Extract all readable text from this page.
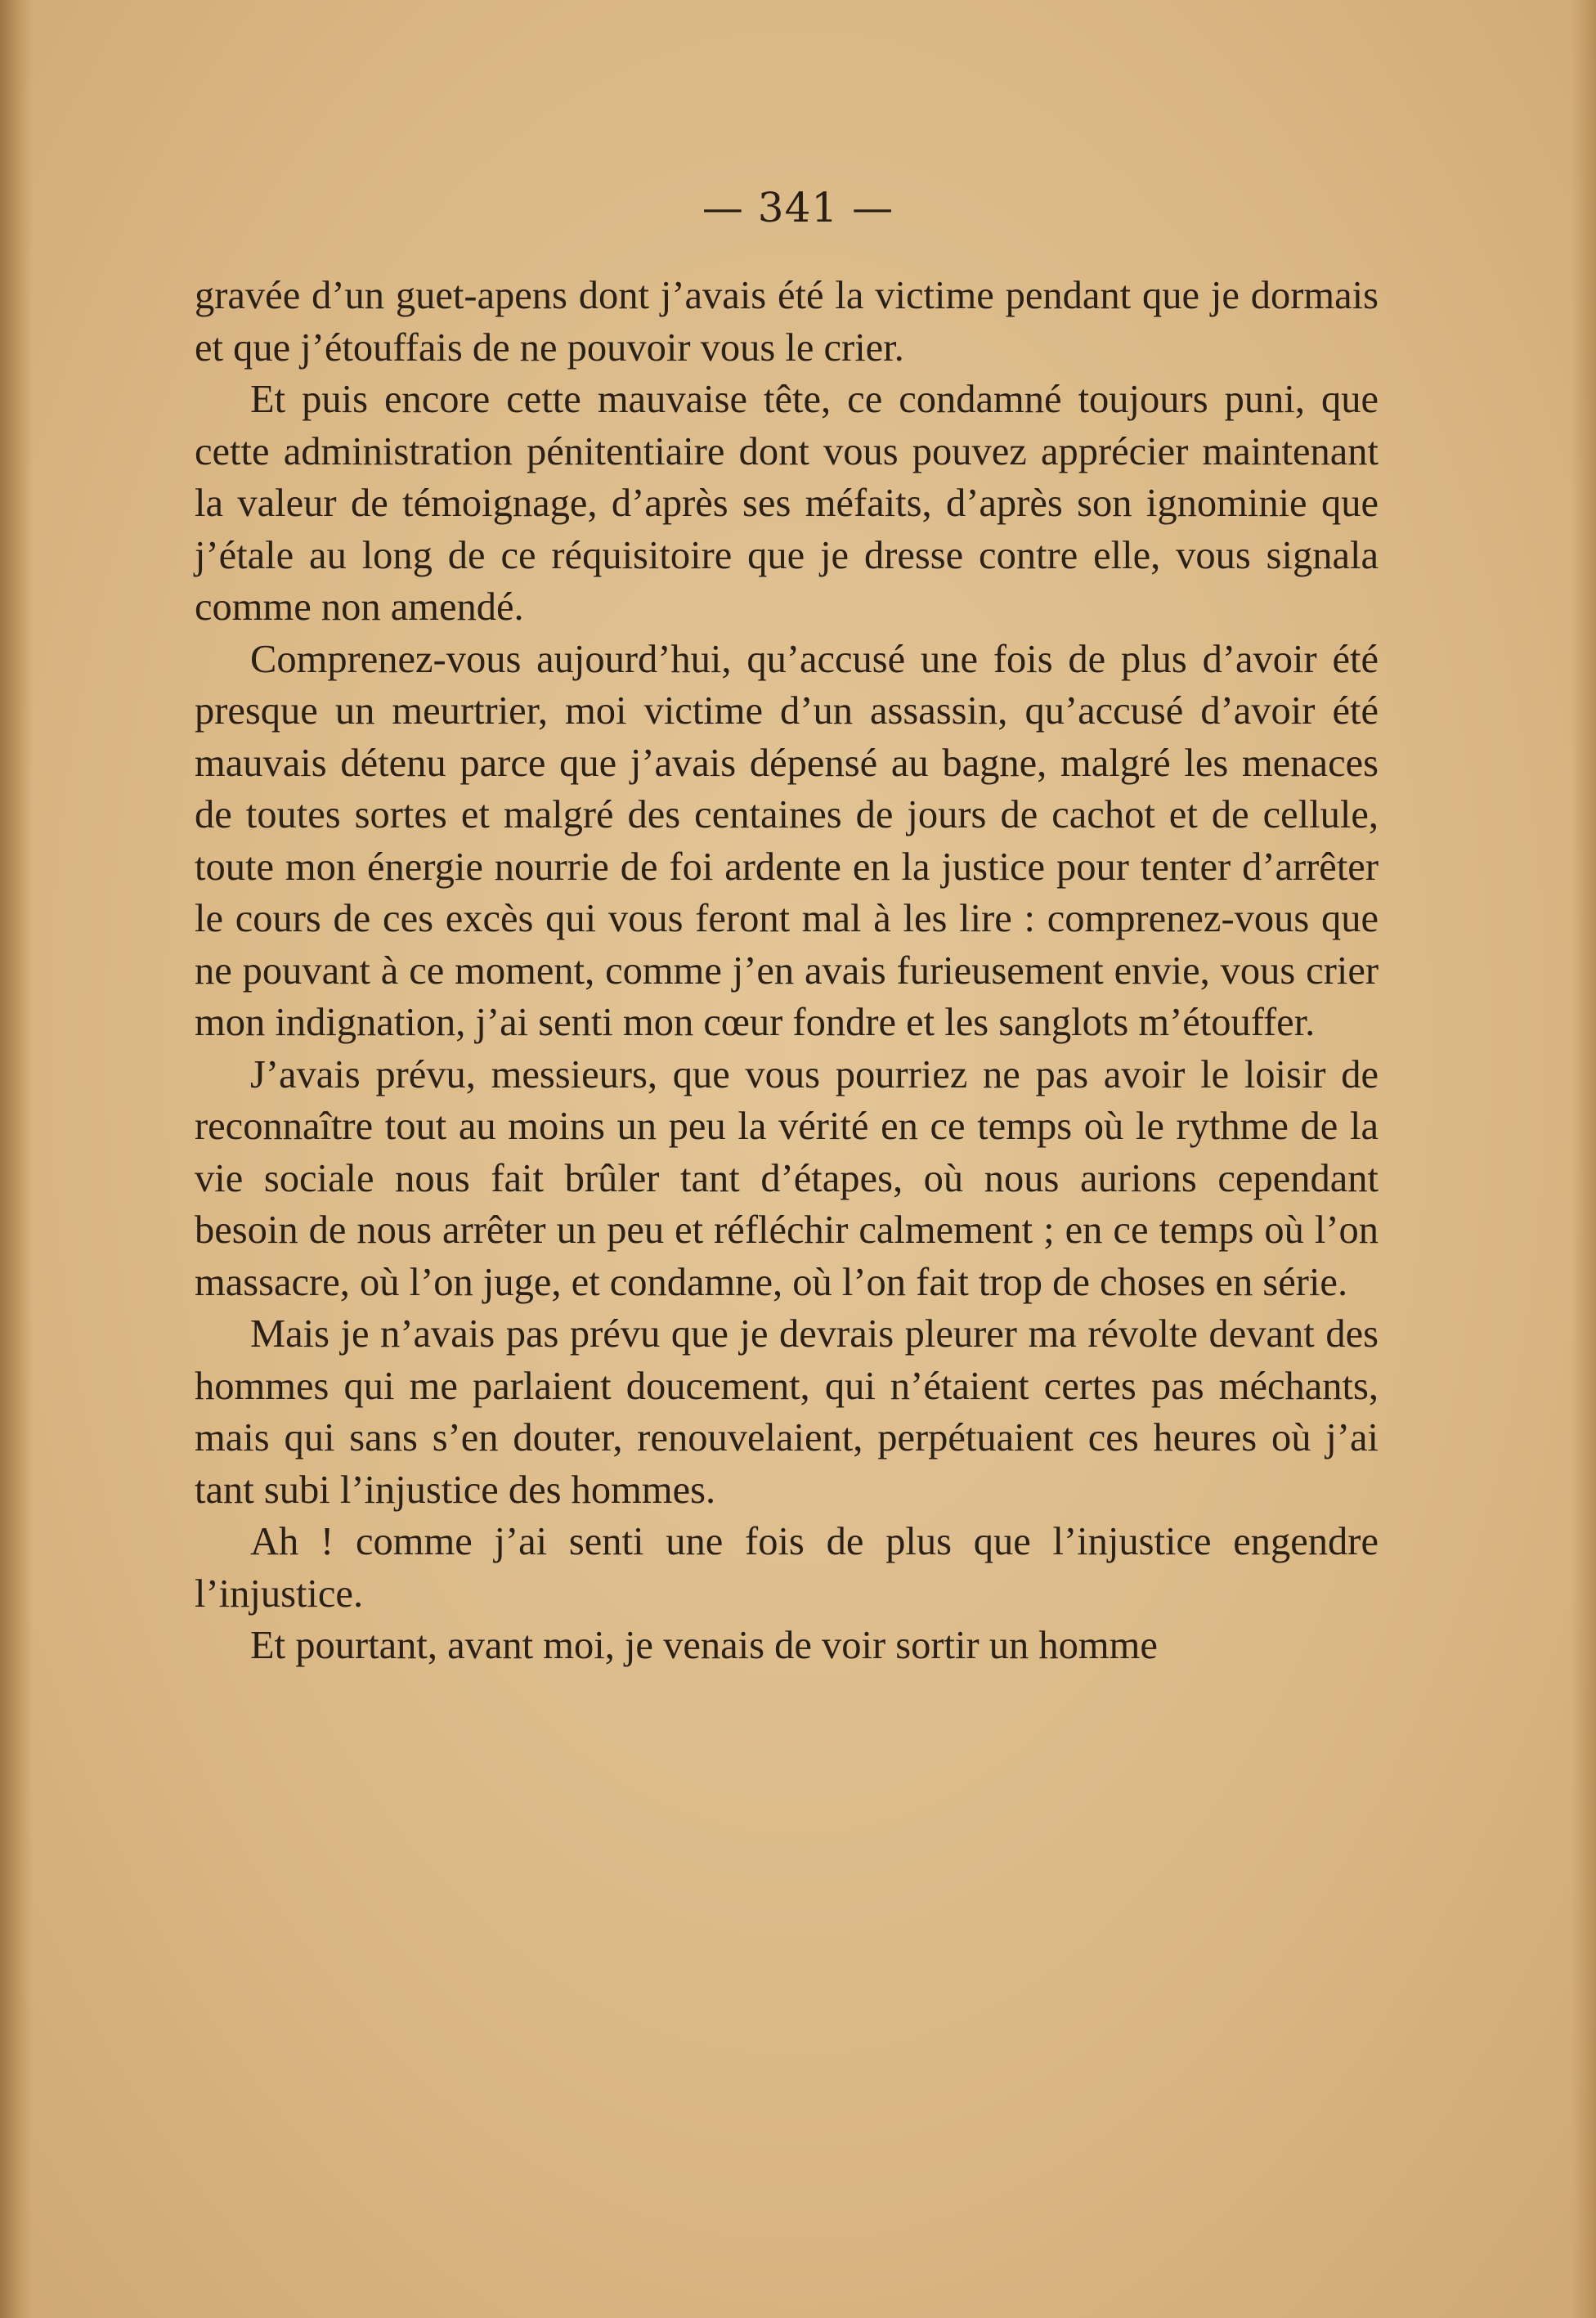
— 341 —

gravée d’un guet-apens dont j’avais été la victime pendant que je dormais et que j’étouffais de ne pouvoir vous le crier.

Et puis encore cette mauvaise tête, ce condamné toujours puni, que cette administration pénitentiaire dont vous pouvez apprécier maintenant la valeur de témoignage, d’après ses méfaits, d’après son ignominie que j’étale au long de ce réquisitoire que je dresse contre elle, vous signala comme non amendé.

Comprenez-vous aujourd’hui, qu’accusé une fois de plus d’avoir été presque un meurtrier, moi victime d’un assassin, qu’accusé d’avoir été mauvais détenu parce que j’avais dépensé au bagne, malgré les menaces de toutes sortes et malgré des centaines de jours de cachot et de cellule, toute mon énergie nourrie de foi ardente en la justice pour tenter d’arrêter le cours de ces excès qui vous feront mal à les lire : comprenez-vous que ne pouvant à ce moment, comme j’en avais furieusement envie, vous crier mon indignation, j’ai senti mon cœur fondre et les sanglots m’étouffer.

J’avais prévu, messieurs, que vous pourriez ne pas avoir le loisir de reconnaître tout au moins un peu la vérité en ce temps où le rythme de la vie sociale nous fait brûler tant d’étapes, où nous aurions cependant besoin de nous arrêter un peu et réfléchir calmement ; en ce temps où l’on massacre, où l’on juge, et condamne, où l’on fait trop de choses en série.

Mais je n’avais pas prévu que je devrais pleurer ma révolte devant des hommes qui me parlaient doucement, qui n’étaient certes pas méchants, mais qui sans s’en douter, renouvelaient, perpétuaient ces heures où j’ai tant subi l’injustice des hommes.

Ah ! comme j’ai senti une fois de plus que l’injustice engendre l’injustice.

Et pourtant, avant moi, je venais de voir sortir un homme
